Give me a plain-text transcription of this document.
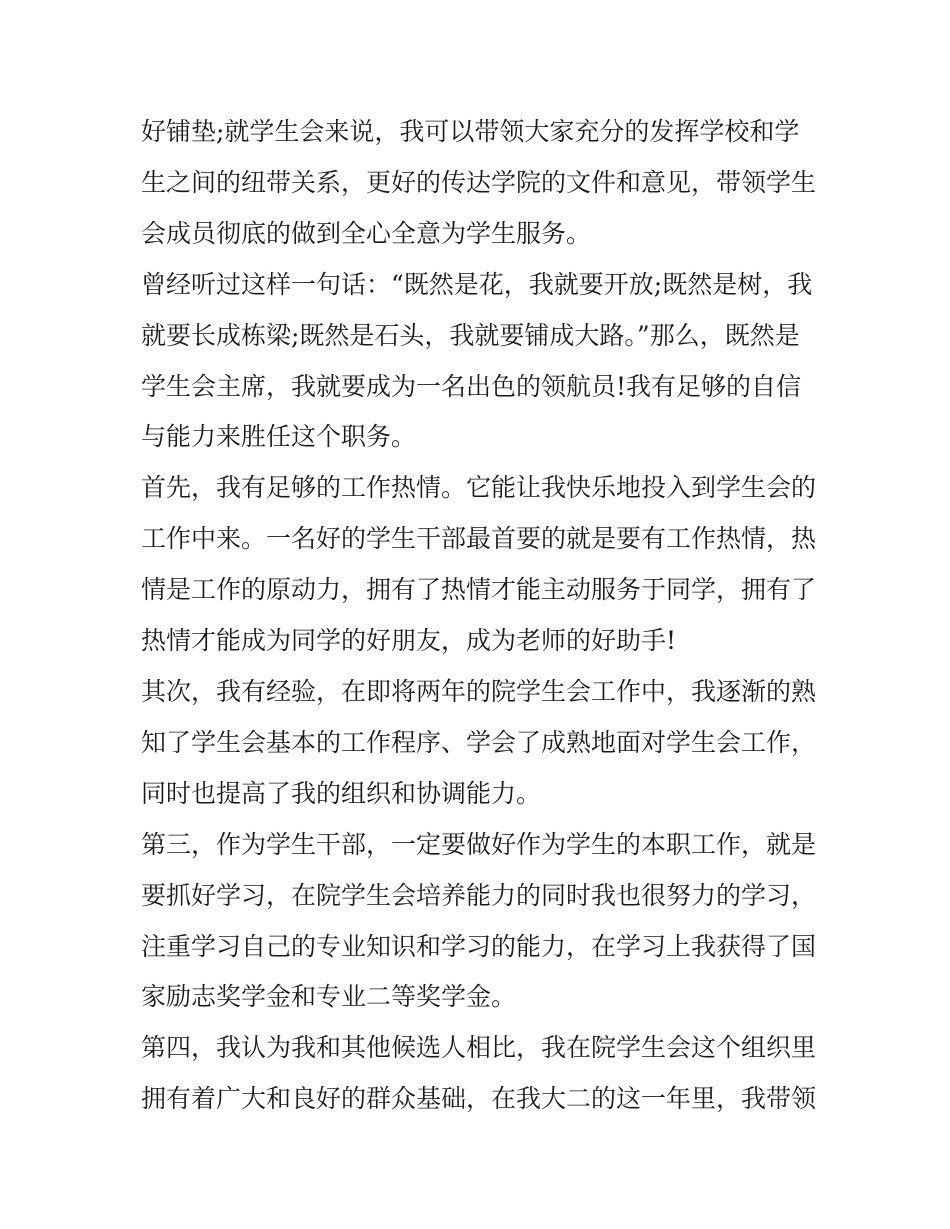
好铺垫;就学生会来说，我可以带领大家充分的发挥学校和学
生之间的纽带关系，更好的传达学院的文件和意见，带领学生
会成员彻底的做到全心全意为学生服务。
曾经听过这样一句话：“既然是花，我就要开放;既然是树，我
就要长成栋梁;既然是石头，我就要铺成大路。”那么，既然是
学生会主席，我就要成为一名出色的领航员!我有足够的自信
与能力来胜任这个职务。
首先，我有足够的工作热情。它能让我快乐地投入到学生会的
工作中来。一名好的学生干部最首要的就是要有工作热情，热
情是工作的原动力，拥有了热情才能主动服务于同学，拥有了
热情才能成为同学的好朋友，成为老师的好助手!
其次，我有经验，在即将两年的院学生会工作中，我逐渐的熟
知了学生会基本的工作程序、学会了成熟地面对学生会工作，
同时也提高了我的组织和协调能力。
第三，作为学生干部，一定要做好作为学生的本职工作，就是
要抓好学习，在院学生会培养能力的同时我也很努力的学习，
注重学习自己的专业知识和学习的能力，在学习上我获得了国
家励志奖学金和专业二等奖学金。
第四，我认为我和其他候选人相比，我在院学生会这个组织里
拥有着广大和良好的群众基础，在我大二的这一年里，我带领
